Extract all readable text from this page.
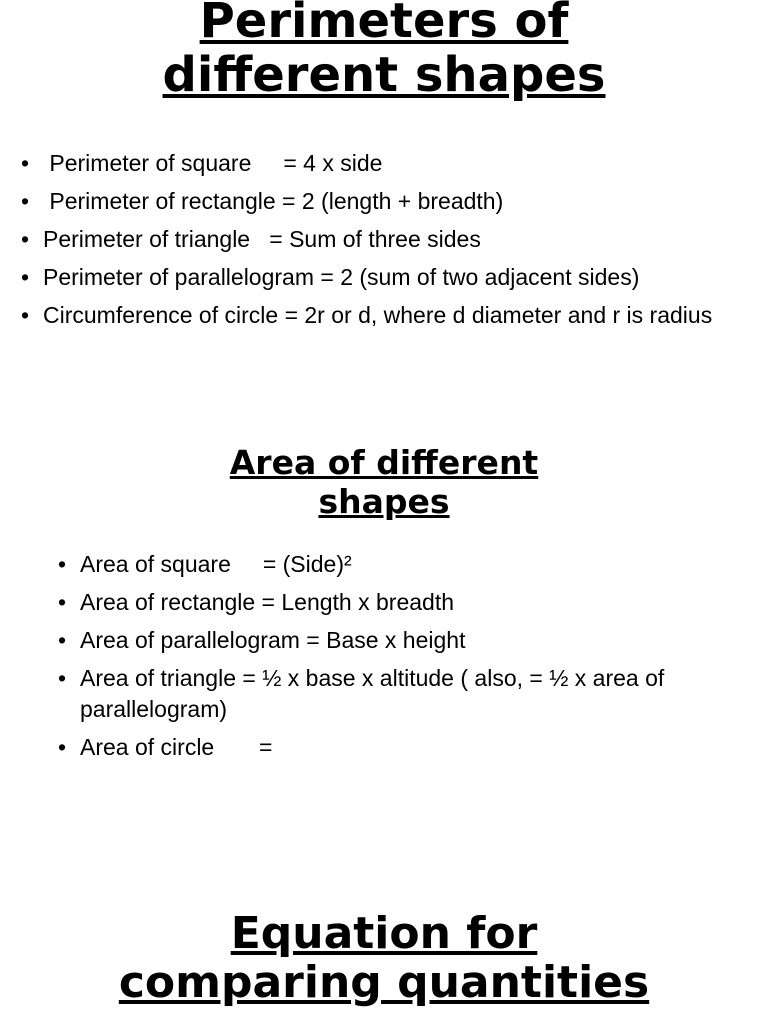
Perimeters of
different shapes
•  Perimeter of square     = 4 x side
•  Perimeter of rectangle = 2 (length + breadth)
• Perimeter of triangle   = Sum of three sides
• Perimeter of parallelogram = 2 (sum of two adjacent sides)
• Circumference of circle = 2r or d, where d diameter and r is radius
Area of different
shapes
• Area of square     = (Side)²
• Area of rectangle = Length x breadth
• Area of parallelogram = Base x height
• Area of triangle = ½ x base x altitude ( also, = ½ x area of parallelogram)
• Area of circle       =
Equation for
comparing quantities
